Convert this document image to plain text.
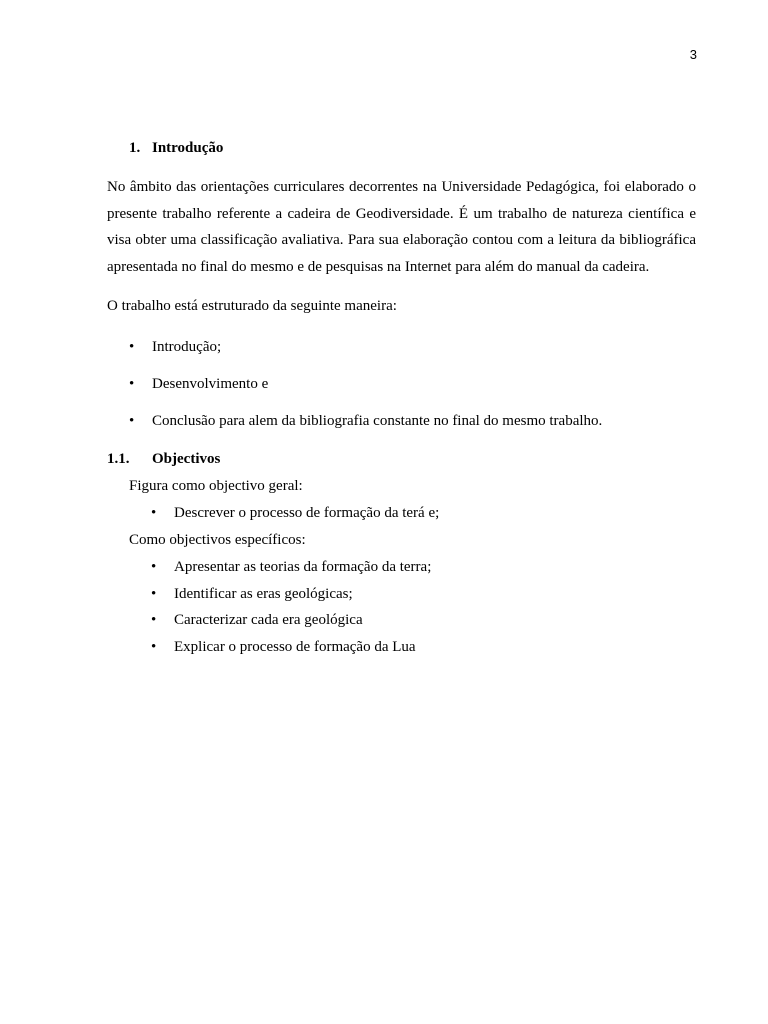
3
1. Introdução
No âmbito das orientações curriculares decorrentes na Universidade Pedagógica, foi elaborado o
presente trabalho referente a cadeira de Geodiversidade. É um trabalho de natureza científica e
visa obter uma classificação avaliativa. Para sua elaboração contou com a leitura da bibliográfica
apresentada no final do mesmo e de pesquisas na Internet para além do manual da cadeira.
O trabalho está estruturado da seguinte maneira:
• Introdução;
• Desenvolvimento e
• Conclusão para alem da bibliografia constante no final do mesmo trabalho.
1.1. Objectivos
Figura como objectivo geral:
• Descrever o processo de formação da terá e;
Como objectivos específicos:
• Apresentar as teorias da formação da terra;
• Identificar as eras geológicas;
• Caracterizar cada era geológica
• Explicar o processo de formação da Lua
